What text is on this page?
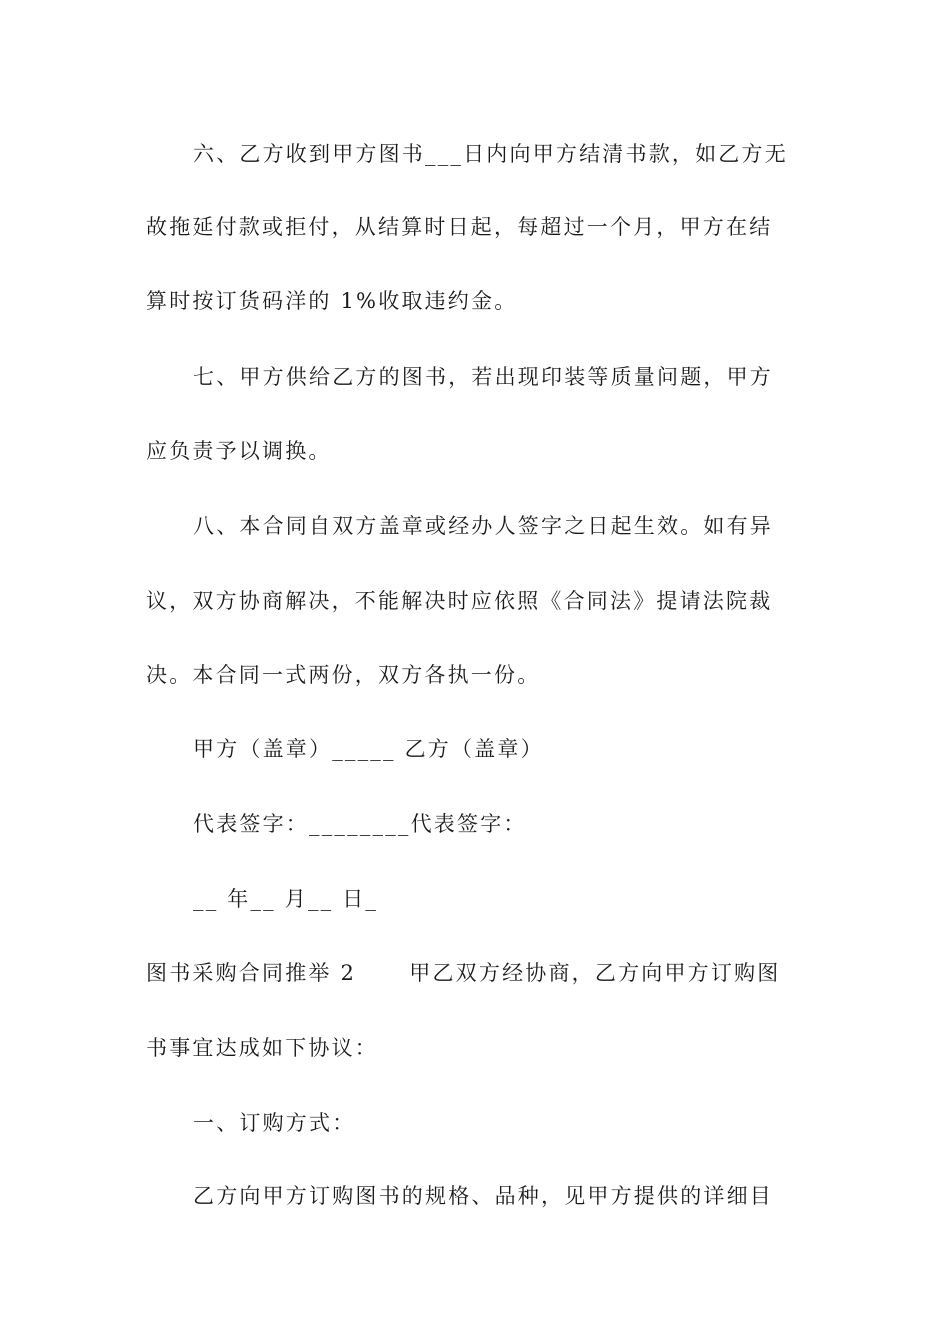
六、乙方收到甲方图书___日内向甲方结清书款，如乙方无
故拖延付款或拒付，从结算时日起，每超过一个月，甲方在结
算时按订货码洋的 1%收取违约金。
七、甲方供给乙方的图书，若出现印装等质量问题，甲方
应负责予以调换。
八、本合同自双方盖章或经办人签字之日起生效。如有异
议，双方协商解决，不能解决时应依照《合同法》提请法院裁
决。本合同一式两份，双方各执一份。
甲方（盖章）_____ 乙方（盖章）
代表签字：________代表签字：
__ 年__ 月__ 日_
图书采购合同推举 2      甲乙双方经协商，乙方向甲方订购图
书事宜达成如下协议：
一、订购方式：
乙方向甲方订购图书的规格、品种，见甲方提供的详细目
